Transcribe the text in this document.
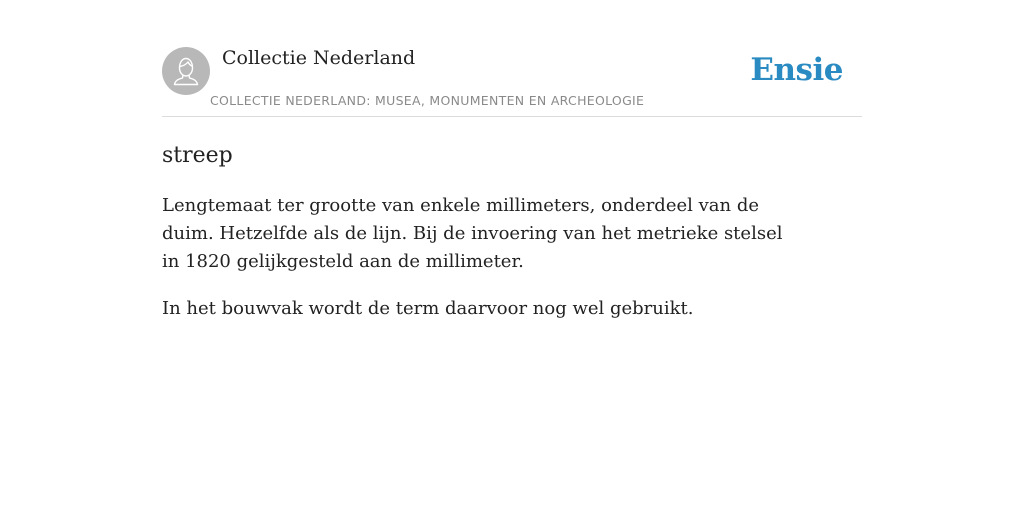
Collectie Nederland
COLLECTIE NEDERLAND: MUSEA, MONUMENTEN EN ARCHEOLOGIE
Ensie
streep

Lengtemaat ter grootte van enkele millimeters, onderdeel van de duim. Hetzelfde als de lijn. Bij de invoering van het metrieke stelsel in 1820 gelijkgesteld aan de millimeter.

In het bouwvak wordt de term daarvoor nog wel gebruikt.
